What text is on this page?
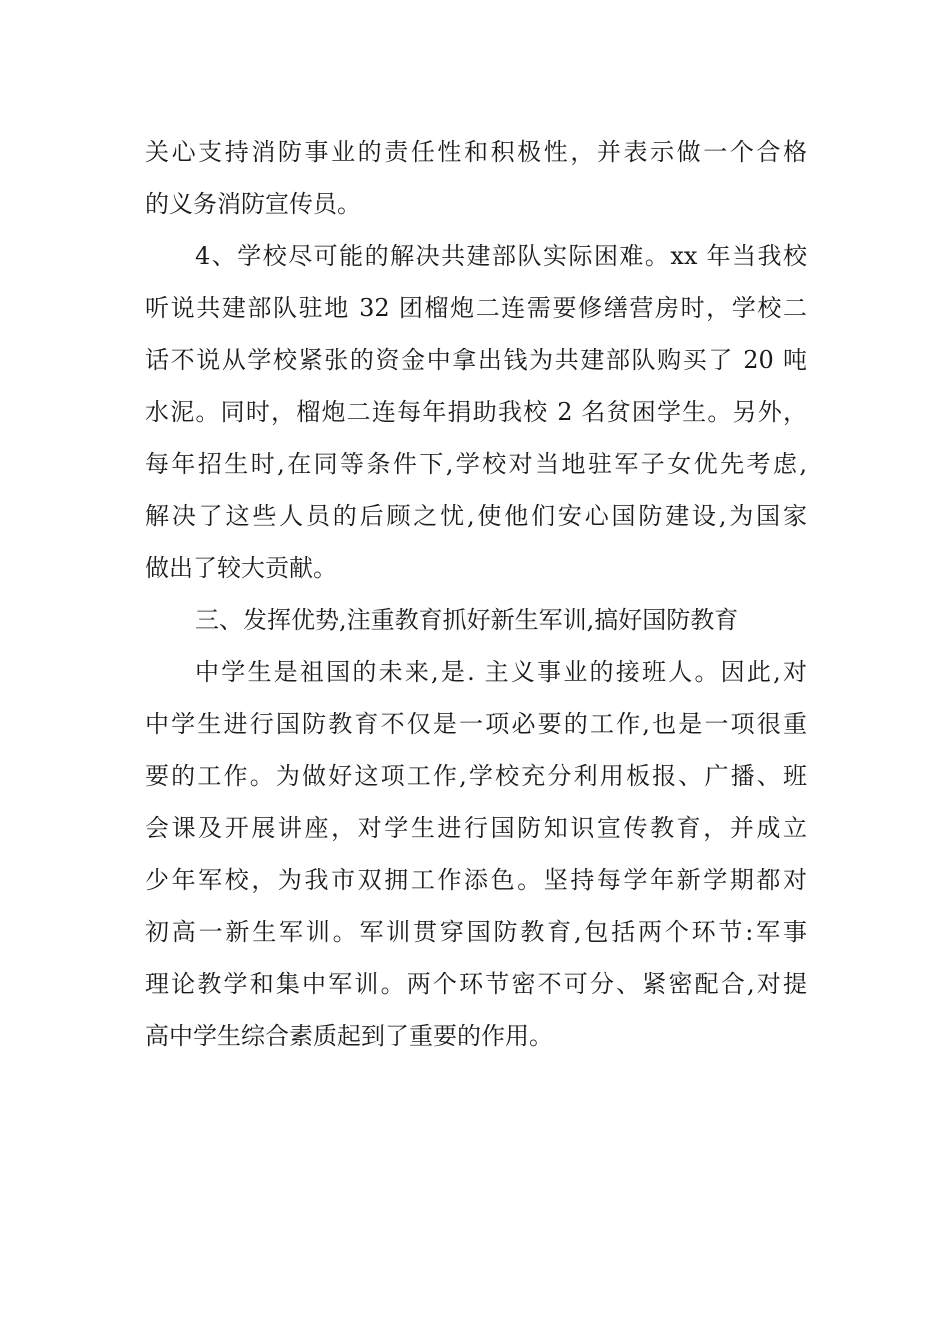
关心支持消防事业的责任性和积极性，并表示做一个合格
的义务消防宣传员。
4、学校尽可能的解决共建部队实际困难。xx 年当我校
听说共建部队驻地 32 团榴炮二连需要修缮营房时，学校二
话不说从学校紧张的资金中拿出钱为共建部队购买了 20 吨
水泥。同时，榴炮二连每年捐助我校 2 名贫困学生。另外，
每年招生时,在同等条件下,学校对当地驻军子女优先考虑,
解决了这些人员的后顾之忧,使他们安心国防建设,为国家
做出了较大贡献。
三、发挥优势,注重教育抓好新生军训,搞好国防教育
中学生是祖国的未来,是. 主义事业的接班人。因此,对
中学生进行国防教育不仅是一项必要的工作,也是一项很重
要的工作。为做好这项工作,学校充分利用板报、广播、班
会课及开展讲座，对学生进行国防知识宣传教育，并成立
少年军校，为我市双拥工作添色。坚持每学年新学期都对
初高一新生军训。军训贯穿国防教育,包括两个环节:军事
理论教学和集中军训。两个环节密不可分、紧密配合,对提
高中学生综合素质起到了重要的作用。
